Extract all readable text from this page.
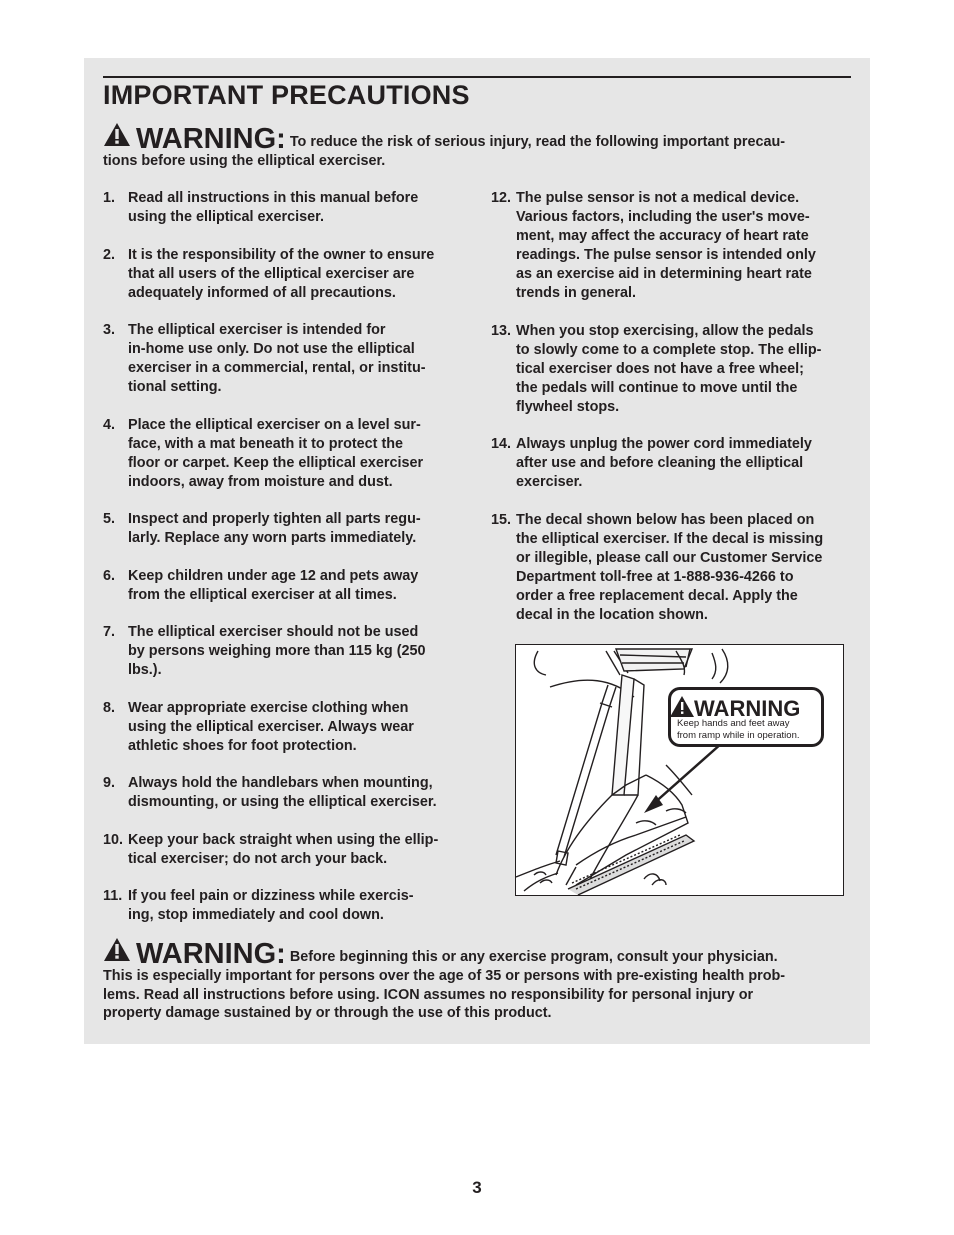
IMPORTANT PRECAUTIONS
WARNING: To reduce the risk of serious injury, read the following important precau-
tions before using the elliptical exerciser.
1. Read all instructions in this manual before
using the elliptical exerciser.
2. It is the responsibility of the owner to ensure
that all users of the elliptical exerciser are
adequately informed of all precautions.
3. The elliptical exerciser is intended for
in-home use only. Do not use the elliptical
exerciser in a commercial, rental, or institu-
tional setting.
4. Place the elliptical exerciser on a level sur-
face, with a mat beneath it to protect the
floor or carpet. Keep the elliptical exerciser
indoors, away from moisture and dust.
5. Inspect and properly tighten all parts regu-
larly. Replace any worn parts immediately.
6. Keep children under age 12 and pets away
from the elliptical exerciser at all times.
7. The elliptical exerciser should not be used
by persons weighing more than 115 kg (250
lbs.).
8. Wear appropriate exercise clothing when
using the elliptical exerciser. Always wear
athletic shoes for foot protection.
9. Always hold the handlebars when mounting,
dismounting, or using the elliptical exerciser.
10. Keep your back straight when using the ellip-
tical exerciser; do not arch your back.
11. If you feel pain or dizziness while exercis-
ing, stop immediately and cool down.
12. The pulse sensor is not a medical device.
Various factors, including the user's move-
ment, may affect the accuracy of heart rate
readings. The pulse sensor is intended only
as an exercise aid in determining heart rate
trends in general.
13. When you stop exercising, allow the pedals
to slowly come to a complete stop. The ellip-
tical exerciser does not have a free wheel;
the pedals will continue to move until the
flywheel stops.
14. Always unplug the power cord immediately
after use and before cleaning the elliptical
exerciser.
15. The decal shown below has been placed on
the elliptical exerciser. If the decal is missing
or illegible, please call our Customer Service
Department toll-free at 1-888-936-4266 to
order a free replacement decal. Apply the
decal in the location shown.
WARNING
Keep hands and feet away
from ramp while in operation.
WARNING: Before beginning this or any exercise program, consult your physician.
This is especially important for persons over the age of 35 or persons with pre-existing health prob-
lems. Read all instructions before using. ICON assumes no responsibility for personal injury or
property damage sustained by or through the use of this product.
3
